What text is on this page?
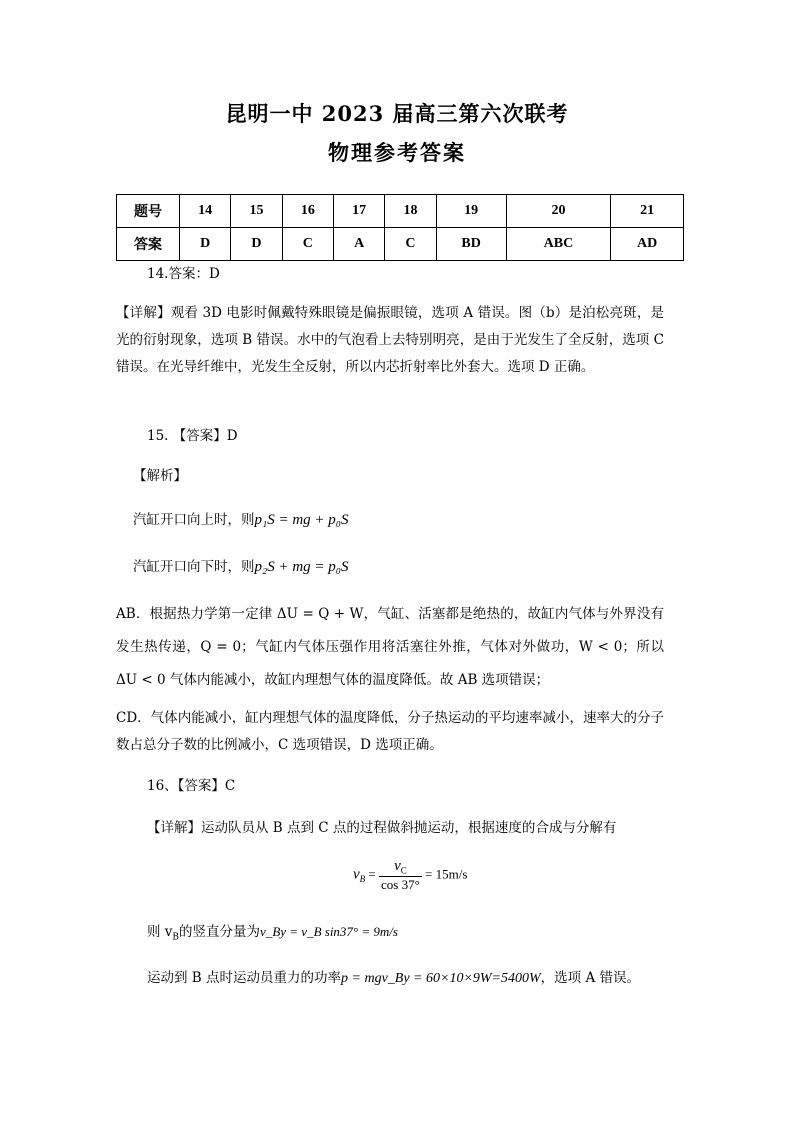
昆明一中 2023 届高三第六次联考
物理参考答案
题号	14	15	16	17	18	19	20	21
答案	D	D	C	A	C	BD	ABC	AD
14.答案：D
【详解】观看 3D 电影时佩戴特殊眼镜是偏振眼镜，选项 A 错误。图（b）是泊松亮斑，是光的衍射现象，选项 B 错误。水中的气泡看上去特别明亮，是由于光发生了全反射，选项 C 错误。在光导纤维中，光发生全反射，所以内芯折射率比外套大。选项 D 正确。
15. 【答案】D
【解析】
汽缸开口向上时，则p₁S = mg + p₀S
汽缸开口向下时，则p₂S + mg = p₀S
AB．根据热力学第一定律 ΔU = Q + W，气缸、活塞都是绝热的，故缸内气体与外界没有发生热传递，Q = 0；气缸内气体压强作用将活塞往外推，气体对外做功，W < 0；所以 ΔU < 0 气体内能减小，故缸内理想气体的温度降低。故 AB 选项错误；
CD．气体内能减小，缸内理想气体的温度降低，分子热运动的平均速率减小，速率大的分子数占总分子数的比例减小，C 选项错误，D 选项正确。
16、【答案】C
【详解】运动队员从 B 点到 C 点的过程做斜抛运动，根据速度的合成与分解有
$v_B = \frac{v_C}{\cos 37^\circ} = 15m/s$
则 $v_B$的竖直分量为v_By = v_B sin37° = 9m/s
运动到 B 点时运动员重力的功率p = mgv_By = 60×10×9W=5400W，选项 A 错误。
